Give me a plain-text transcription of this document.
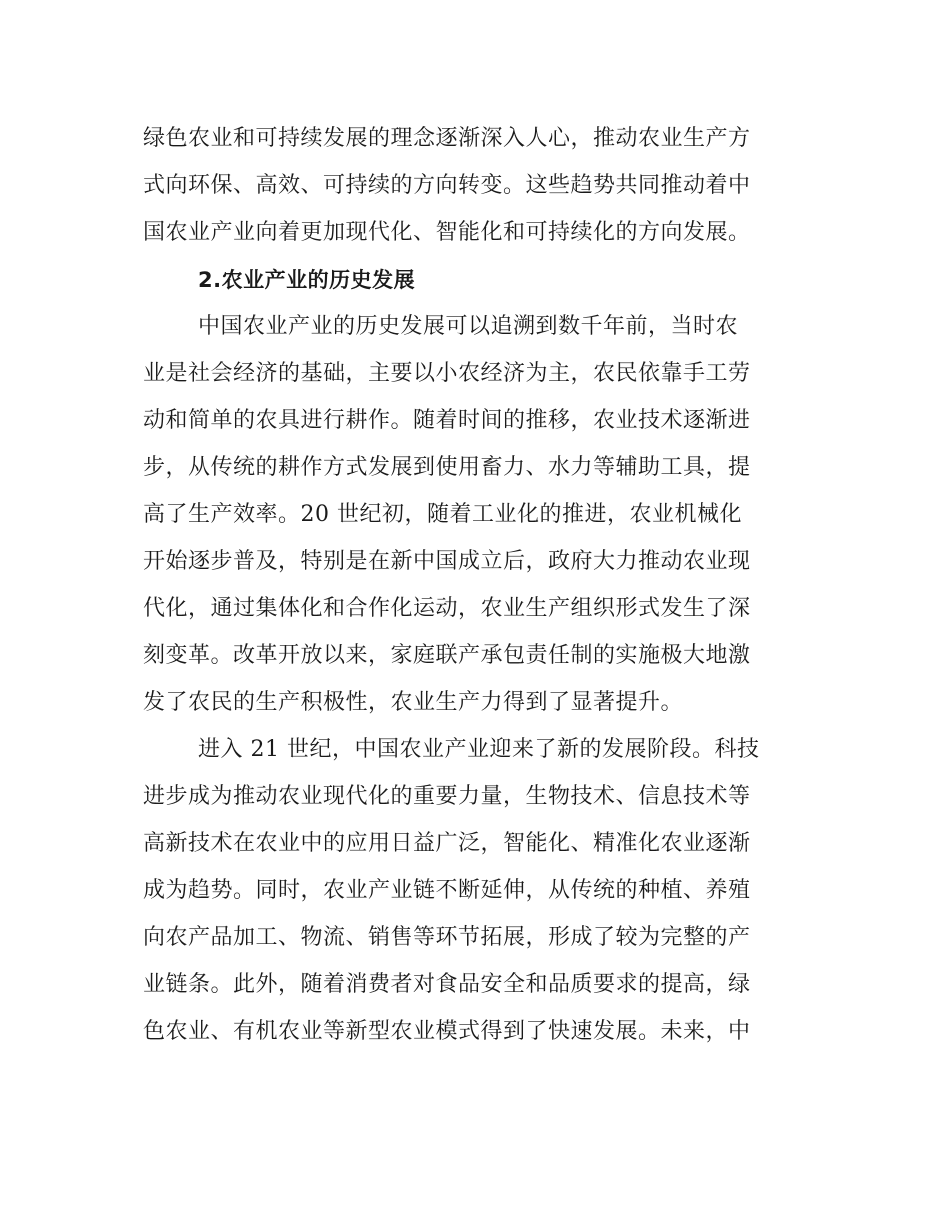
绿色农业和可持续发展的理念逐渐深入人心，推动农业生产方

式向环保、高效、可持续的方向转变。这些趋势共同推动着中

国农业产业向着更加现代化、智能化和可持续化的方向发展。

2.农业产业的历史发展

中国农业产业的历史发展可以追溯到数千年前，当时农

业是社会经济的基础，主要以小农经济为主，农民依靠手工劳

动和简单的农具进行耕作。随着时间的推移，农业技术逐渐进

步，从传统的耕作方式发展到使用畜力、水力等辅助工具，提

高了生产效率。20 世纪初，随着工业化的推进，农业机械化

开始逐步普及，特别是在新中国成立后，政府大力推动农业现

代化，通过集体化和合作化运动，农业生产组织形式发生了深

刻变革。改革开放以来，家庭联产承包责任制的实施极大地激

发了农民的生产积极性，农业生产力得到了显著提升。

进入 21 世纪，中国农业产业迎来了新的发展阶段。科技

进步成为推动农业现代化的重要力量，生物技术、信息技术等

高新技术在农业中的应用日益广泛，智能化、精准化农业逐渐

成为趋势。同时，农业产业链不断延伸，从传统的种植、养殖

向农产品加工、物流、销售等环节拓展，形成了较为完整的产

业链条。此外，随着消费者对食品安全和品质要求的提高，绿

色农业、有机农业等新型农业模式得到了快速发展。未来，中
